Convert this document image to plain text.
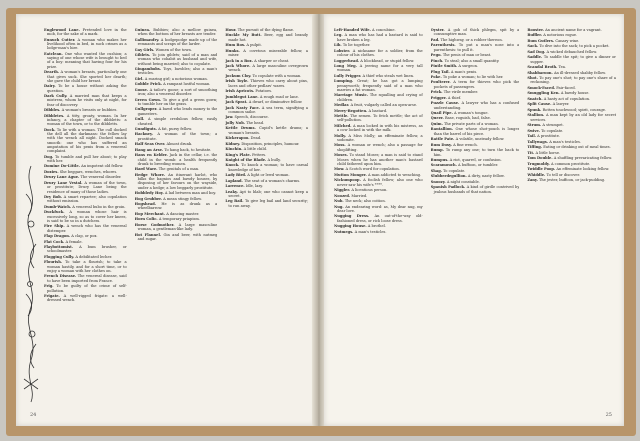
Englewood Lane. Pretended love in the mob, for the sake of a mark.
Eunuch Cutter. A woman who makes her livelihood often in bed, in such crimes as a lodge-man's hire.
Eatclean. One who wanted the cushion; a saying of one whose wife is brought to bed of a boy: meaning that having four for his prize.
Dearth. A woman's breasts, particularly one that gives suck. She sported her dearth; she gave the child her breast.
Dairy. To be a house without asking the question.
Dark Cully. A married man that keeps a mistress, whom he visits only at night, for fear of discovery.
Dibbles. A woman's breasts or bubbies.
Dibbletes. A titty, groaty, woman. In her infancy, a chapter of the dibbletts: a woman of the town, or to the dibbletts.
Dock. To lie with a woman. The cull docked the dell all the darkmans: the fellow lay with the wench all night. Docked smack smooth: one who has suffered an amputation of his penis from a venereal complaint.
Dog. To tumble and pull her about; to play with her.
Domine Do-Little. An impotent old fellow.
Doxies. She beggars, wenches, whores.
Drury Lane Ague. The venereal disorder.
Drury Lane Vestal. A woman of the town, or prostitute; Drury Lane being the residence of many of those ladies.
Dry Bob. A smart repartee; also copulation without emission.
Dumb-Watch. A venereal bubo in the groin.
Duckfuck. A woman whose hair is excessively long, so as to cover her knees, is said to be so in a dutchess.
Fire Ship. A wench who has the venereal distemper.
Flap Dragon. A clap, or pox.
Flat Cock. A female.
Flaybottomist. A bum brusher, or schoolmaster.
Flogging Cully. A debilitated lecher.
Flourish. To take a flourish; to take a woman hastily, and for a short time, or to enjoy a woman with her clothes on.
French Disease. The venereal disease, said to have been imported from France.
Frig. To be guilty of the crime of self-pollution.
Frigate. A well-rigged frigate: a well-dressed wench.
Guinea. Bubbies; also a mellow guinea, when the bottom of her breasts are tender.
Gallimaufry. A hodgepodge made up of the remnants and scraps of the larder.
Gay Girls. Women of the town.
Giblets. To join giblets; said of a man and woman who cohabit as husband and wife, without being married; also to copulate.
Gingambobs. Toys, bawbles; also a man's testicles.
Girl. A roaring girl; a notorious woman.
Gobble Prick. A rampant lustful woman.
Goose. A tailor's goose; a sort of smoothing iron; also a venereal disorder.
Green Gown. To give a girl a green gown; to tumble her on the grass.
Gullgroper. A bawd who lends money to the gamesters.
Gull. A simple credulous fellow, easily cheated.
Gundiguts. A fat, pursy fellow.
Hackney. A woman of the town; a prostitute.
Half Seas Over. Almost drunk.
Hang an Arse. To hang back, to hesitate.
Hans en Kelder. Jack in the cellar, i.e. the child in the womb: a health frequently drunk to breeding women.
Hard Ware. The genitals of a man.
Hedge Whore. An itinerant harlot, who bilks the bagnios and bawdy houses, by disposing of her favours on the wayside, under a hedge; a low beggarly prostitute.
Hobbledy Hoy. A lad between man and boy.
Hog Grubber. A mean stingy fellow.
Hogshead. He is as drunk as a wheelbarrow.
Hop Merchant. A dancing master.
Horn Colic. A temporary priapism.
Horse Godmother. A large masculine woman, a gentleman-like lady.
Hot Flannel. Gin and beer, with nutmeg and sugar.
Hour. The pursuit of the dying flame.
Huckle My Butt. Beer, egg and brandy made hot.
Hum Box. A pulpit.
Hunks. A covetous miserable fellow, a miser.
Jack in a Box. A sharper or cheat.
Jack Whore. A large masculine overgrown wench.
Jockum Cloy. To copulate with a woman.
Irish Toyle. Thieves who carry about pins, laces and other pedlars' wares.
Irish Apricots. Potatoes.
Jumblegut Lane. A rough road or lane.
Jack Sprat. A dwarf, or diminutive fellow.
Jack Nasty Face. A sea term, signifying a common sailor.
Jaw. Speech, discourse.
Jolly Nob. The head.
Kettle Drums. Cupid's kettle drums; a woman's breasts.
Kickerapoo. Dead.
Kidney. Disposition, principles, humour.
Kinchin. A little child.
King's Plate. Fetters.
Knight of the Blade. A bully.
Knock. To knock a woman; to have carnal knowledge of her.
Lady Bird. A light or lewd woman.
Lapland. The seat of a woman's charms.
Larrence. Idle, lazy.
Leaky. Apt to blab; one who cannot keep a secret.
Leg Bail. To give leg bail and land security; to run away.
24
Left-Handed Wife. A concubine.
Leg. A man who has had a bastard is said to have broken a leg.
Lib. To lie together.
Lobster. A nickname for a soldier, from the colour of his clothes.
Loggerhead. A blockhead, or stupid fellow.
Long Meg. A jeering name for a very tall woman.
Lully Prigger. A thief who steals wet linen.
Lumping. Great; he has got a lumping pennyworth; frequently said of a man who marries a fat woman.
Marriage Music. The squalling and crying of children.
Medlar. A fruit, vulgarly called an open-arse.
Merry-Begotten. A bastard.
Mettle. The semen. To fetch mettle; the act of self-pollution.
Milched. A man locked in with his mistress, as a cow locked in with the milk.
Molly. A Miss Molly; an effeminate fellow, a sodomite.
Moss. A woman or wench; also a passage for shoplifting.
Moses. To stand Moses; a man is said to stand Moses when he has another man's bastard child fathered upon him.
Mow. A Scotch word for copulation.
Mutton Monger. A man addicted to wenching.
Nickumpoop. A foolish fellow; also one who never saw his wife's ****.
Niggler. A licentious person.
Noozed. Married.
Nub. The neck; also coition.
Nug. An endearing word: as, My dear nug, my dear love.
Nugging Dress. An out-of-the-way old-fashioned dress, or rich loose dress.
Nugging House. A brothel.
Nutmegs. A man's testicles.
Oyster. A gob of thick phlegm, spit by a consumptive man.
Pad. The highway, or a robber thereon.
Parenthesis. To put a man's nose into a parenthesis: to pull it.
Pego. The penis of man or beast.
Pinch. To steal; also a small quantity.
Pintle Smith. A surgeon.
Plug Tail. A man's penis.
Poke. To poke a woman; to lie with her.
Poulterer. A term for thieves who pick the pockets of passengers.
Prick. The virile member.
Prigger. A thief.
Puzzle Cause. A lawyer who has a confused understanding.
Quail Pipe. A woman's tongue.
Queer. Base, roguish, bad, false.
Quim. The private parts of a woman.
Rantallion. One whose shot-pouch is longer than the barrel of his piece.
Rattle Pate. A volatile, unsteady fellow.
Rum Doxy. A fine wench.
Rump. To rump any one; to turn the back to him.
Rumpus. A riot, quarrel, or confusion.
Scaramouch. A buffoon, or tumbler.
Shag. To copulate.
Slubberdegullion. A dirty, nasty fellow.
Snoozy. A night constable.
Spanish Padlock. A kind of girdle contrived by jealous husbands of that nation.
Rooster. An ancient name for a vagrant.
Ruffler. A notorious rogue.
Rum Gutlers. Canary wine.
Sack. To dive into the sack; to pick a pocket.
Sad Dog. A wicked debauched fellow.
Saddle. To saddle the spit; to give a dinner or supper.
Scandal Broth. Tea.
Shabbaroon. An ill-dressed shabby fellow.
Shot. To pay one's shot; to pay one's share of a reckoning.
Smock-Faced. Fair-faced.
Smuggling Ken. A bawdy house.
Snatch. A hasty act of copulation.
Split Cause. A lawyer.
Spunk. Rotten touchwood; spirit, courage.
Stallion. A man kept by an old lady for secret services.
Strum. A strumpet.
Swive. To copulate.
Tail. A prostitute.
Tallywags. A man's testicles.
Tiffing. Eating or drinking out of meal times.
Tit. A little horse.
Tom Double. A shuffling prevaricating fellow.
Trugmoldy. A common prostitute.
Twiddle Poop. An effeminate looking fellow.
Whiddle. To tell or discover.
Zany. The jester, buffoon, or jack-pudding.
25
